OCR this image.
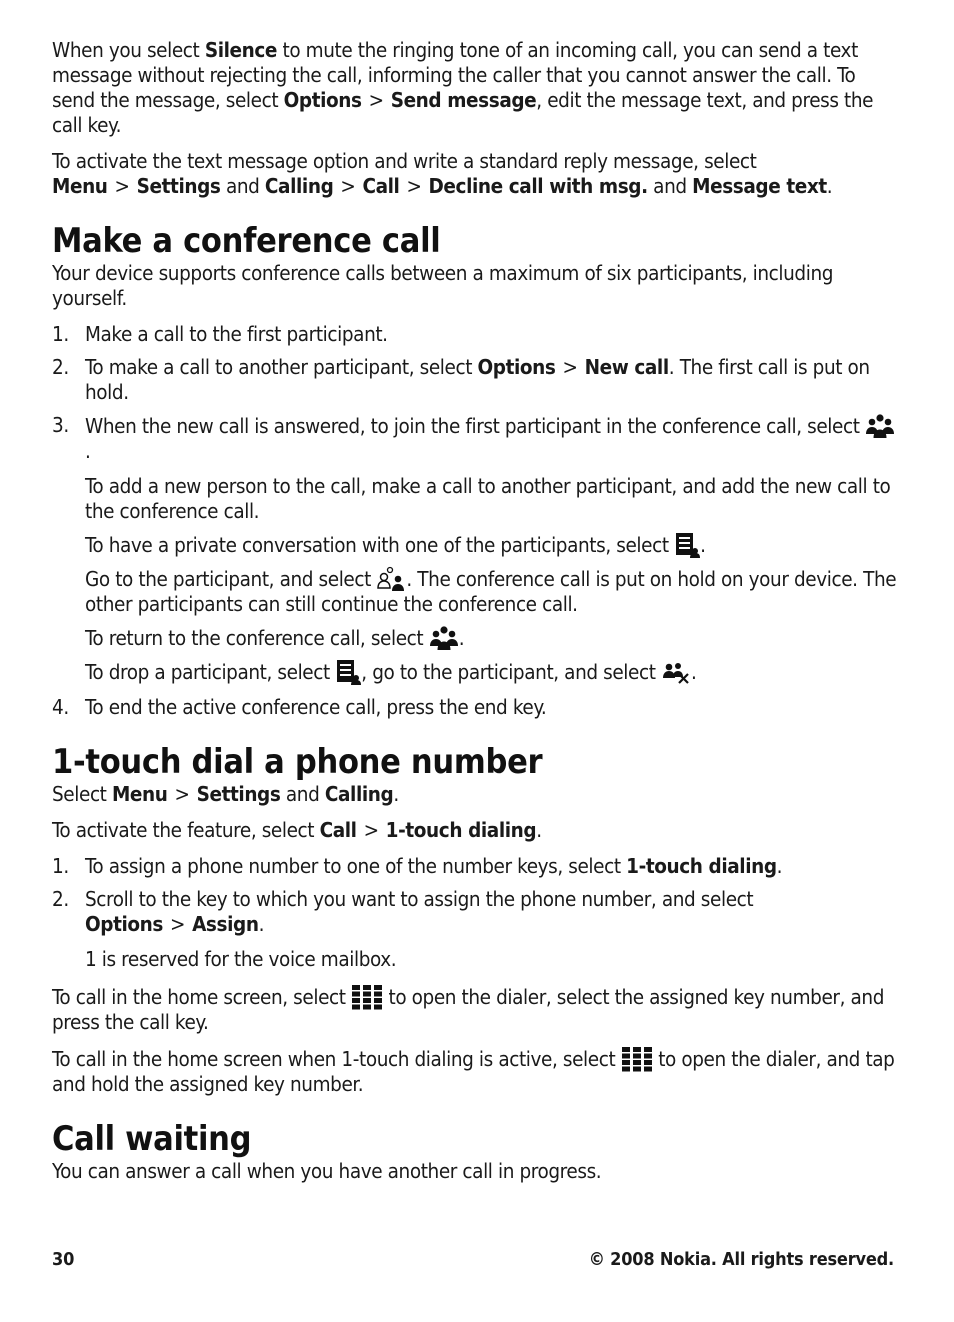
When you select Silence to mute the ringing tone of an incoming call, you can send a text message without rejecting the call, informing the caller that you cannot answer the call. To send the message, select Options > Send message, edit the message text, and press the call key.

To activate the text message option and write a standard reply message, select Menu > Settings and Calling > Call > Decline call with msg. and Message text.

Make a conference call

Your device supports conference calls between a maximum of six participants, including yourself.

1. Make a call to the first participant.

2. To make a call to another participant, select Options > New call. The first call is put on hold.

3. When the new call is answered, to join the first participant in the conference call, select
.

To add a new person to the call, make a call to another participant, and add the new call to the conference call.

To have a private conversation with one of the participants, select
.

Go to the participant, and select
. The conference call is put on hold on your device. The other participants can still continue the conference call.

To return to the conference call, select
.

To drop a participant, select
, go to the participant, and select
.

4. To end the active conference call, press the end key.

1-touch dial a phone number

Select Menu > Settings and Calling.

To activate the feature, select Call > 1-touch dialing.

1. To assign a phone number to one of the number keys, select 1-touch dialing.

2. Scroll to the key to which you want to assign the phone number, and select Options > Assign.

1 is reserved for the voice mailbox.

To call in the home screen, select
to open the dialer, select the assigned key number, and press the call key.

To call in the home screen when 1-touch dialing is active, select
to open the dialer, and tap and hold the assigned key number.

Call waiting

You can answer a call when you have another call in progress.

30	© 2008 Nokia. All rights reserved.
